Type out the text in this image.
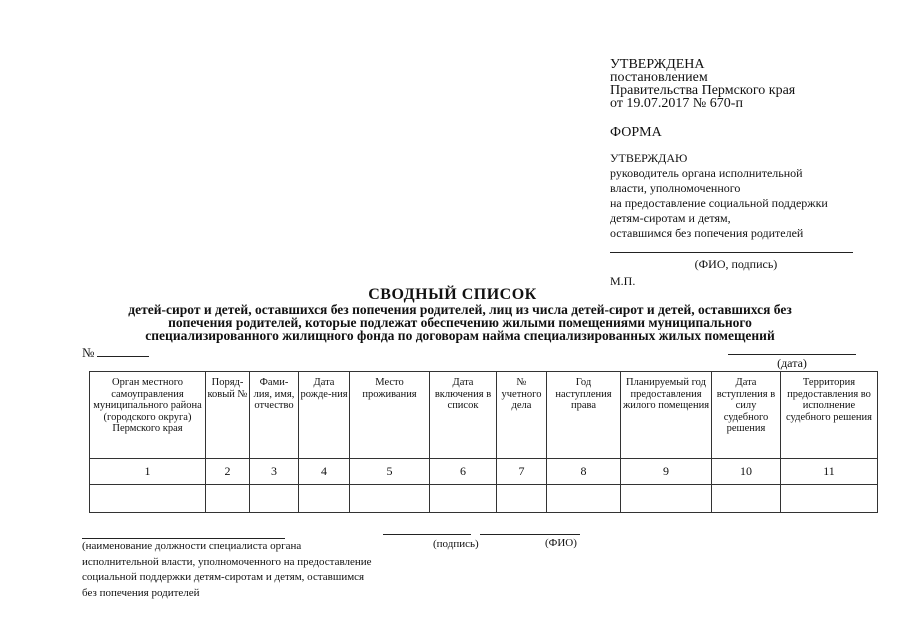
УТВЕРЖДЕНА
постановлением
Правительства Пермского края
от 19.07.2017 № 670-п
ФОРМА
УТВЕРЖДАЮ
руководитель органа исполнительной
власти, уполномоченного
на предоставление социальной поддержки
детям-сиротам и детям,
оставшимся без попечения родителей
(ФИО, подпись)
М.П.
СВОДНЫЙ СПИСОК
детей-сирот и детей, оставшихся без попечения родителей, лиц из числа детей-сирот и детей, оставшихся без попечения родителей, которые подлежат обеспечению жилыми помещениями муниципального специализированного жилищного фонда по договорам найма специализированных жилых помещений
№
(дата)
Орган местного самоуправления муниципального района (городского округа) Пермского края	Поряд-ковый №	Фами-лия, имя, отчество	Дата рожде-ния	Место проживания	Дата включения в список	№ учетного дела	Год наступления права	Планируемый год предоставления жилого помещения	Дата вступления в силу судебного решения	Территория предоставления во исполнение судебного решения
1	2	3	4	5	6	7	8	9	10	11

(наименование должности специалиста органа
исполнительной власти, уполномоченного на предоставление
социальной поддержки детям-сиротам и детям, оставшимся
без попечения родителей
(подпись)	(ФИО)
